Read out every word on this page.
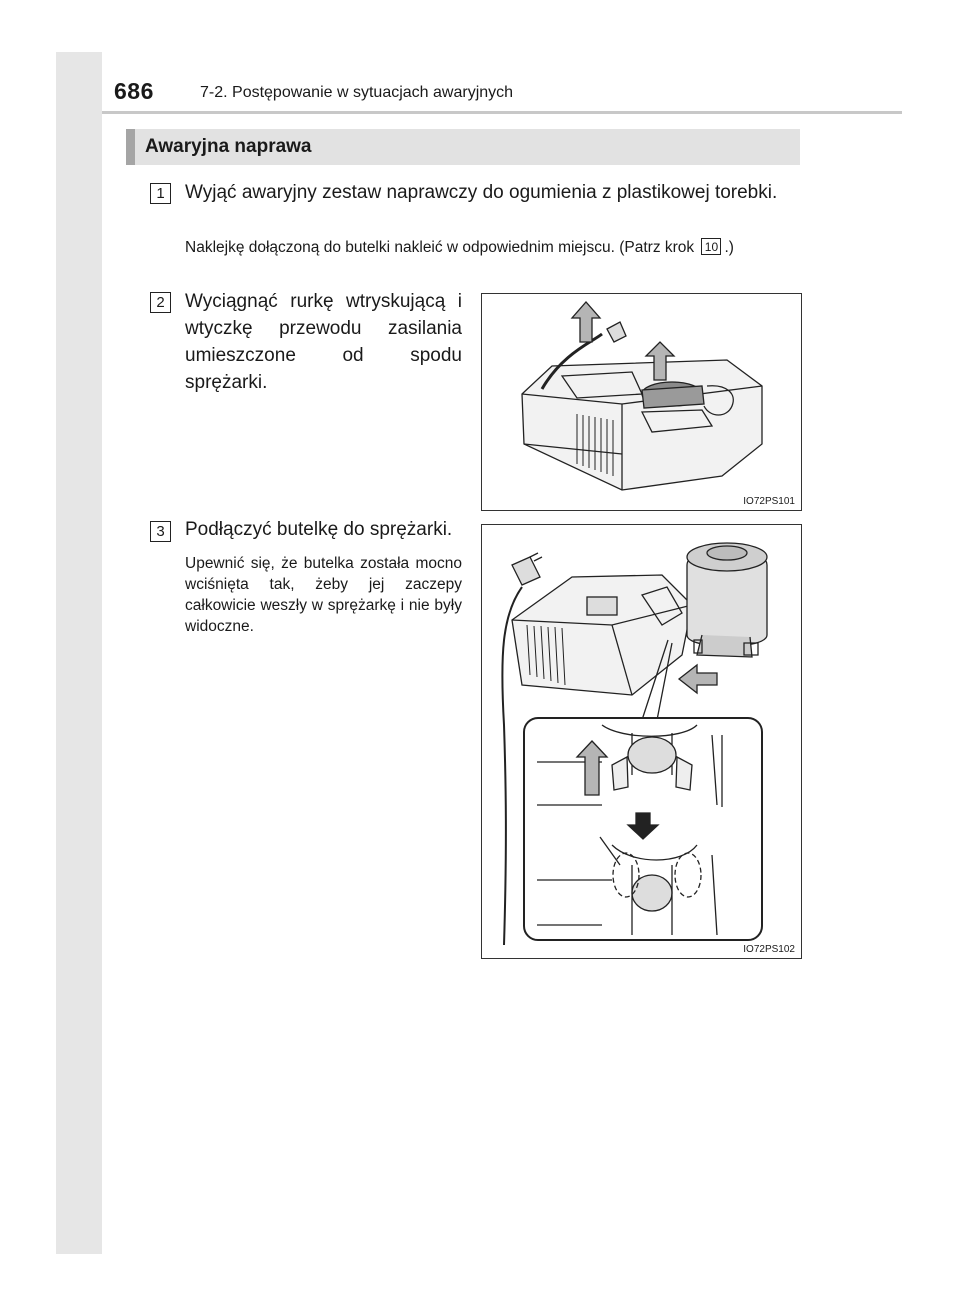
686	7-2. Postępowanie w sytuacjach awaryjnych
Awaryjna naprawa
1	Wyjąć awaryjny zestaw naprawczy do ogumienia z plastikowej torebki.
Naklejkę dołączoną do butelki nakleić w odpowiednim miejscu. (Patrz krok 10 .)
2	Wyciągnąć rurkę wtryskującą i wtyczkę przewodu zasilania umieszczone od spodu sprężarki.
IO72PS101
3	Podłączyć butelkę do sprężarki.
Upewnić się, że butelka została mocno wciśnięta tak, żeby jej zaczepy całkowicie weszły w sprężarkę i nie były widoczne.
IO72PS102
